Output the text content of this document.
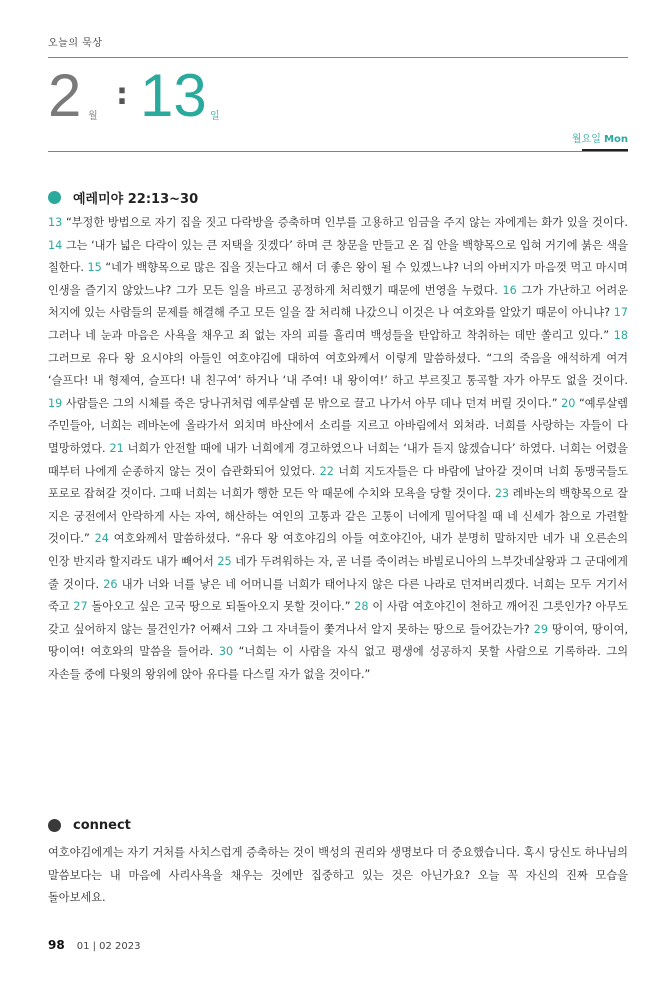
오늘의 묵상
2 월
: 13 일
월요일 Mon
예레미야 22:13~30

13 “부정한 방법으로 자기 집을 짓고 다락방을 증축하며 인부를 고용하고 임금을 주지 않는 자에게는 화가 있을 것이다. 14 그는 ‘내가 넓은 다락이 있는 큰 저택을 짓겠다’ 하며 큰 창문을 만들고 온 집 안을 백향목으로 입혀 거기에 붉은 색을 칠한다. 15 “네가 백향목으로 많은 집을 짓는다고 해서 더 좋은 왕이 될 수 있겠느냐? 너의 아버지가 마음껏 먹고 마시며 인생을 즐기지 않았느냐? 그가 모든 일을 바르고 공정하게 처리했기 때문에 번영을 누렸다. 16 그가 가난하고 어려운 처지에 있는 사람들의 문제를 해결해 주고 모든 일을 잘 처리해 나갔으니 이것은 나 여호와를 알았기 때문이 아니냐? 17 그러나 네 눈과 마음은 사욕을 채우고 죄 없는 자의 피를 흘리며 백성들을 탄압하고 착취하는 데만 쏠리고 있다.” 18 그러므로 유다 왕 요시야의 아들인 여호야김에 대하여 여호와께서 이렇게 말씀하셨다. “그의 죽음을 애석하게 여겨 ‘슬프다! 내 형제여, 슬프다! 내 친구여’ 하거나 ‘내 주여! 내 왕이여!’ 하고 부르짖고 통곡할 자가 아무도 없을 것이다. 19 사람들은 그의 시체를 죽은 당나귀처럼 예루살렘 문 밖으로 끌고 나가서 아무 데나 던져 버릴 것이다.” 20 “예루살렘 주민들아, 너희는 레바논에 올라가서 외치며 바산에서 소리를 지르고 아바림에서 외쳐라. 너희를 사랑하는 자들이 다 멸망하였다. 21 너희가 안전할 때에 내가 너희에게 경고하였으나 너희는 ‘내가 듣지 않겠습니다’ 하였다. 너희는 어렸을 때부터 나에게 순종하지 않는 것이 습관화되어 있었다. 22 너희 지도자들은 다 바람에 날아갈 것이며 너희 동맹국들도 포로로 잡혀갈 것이다. 그때 너희는 너희가 행한 모든 악 때문에 수치와 모욕을 당할 것이다. 23 레바논의 백향목으로 잘 지은 궁전에서 안락하게 사는 자여, 해산하는 여인의 고통과 같은 고통이 너에게 밀어닥칠 때 네 신세가 참으로 가련할 것이다.” 24 여호와께서 말씀하셨다. “유다 왕 여호야김의 아들 여호야긴아, 내가 분명히 말하지만 네가 내 오른손의 인장 반지라 할지라도 내가 빼어서 25 네가 두려워하는 자, 곧 너를 죽이려는 바빌로니아의 느부갓네살왕과 그 군대에게 줄 것이다. 26 내가 너와 너를 낳은 네 어머니를 너희가 태어나지 않은 다른 나라로 던져버리겠다. 너희는 모두 거기서 죽고 27 돌아오고 싶은 고국 땅으로 되돌아오지 못할 것이다.” 28 이 사람 여호야긴이 천하고 깨어진 그릇인가? 아무도 갖고 싶어하지 않는 물건인가? 어째서 그와 그 자녀들이 쫓겨나서 알지 못하는 땅으로 들어갔는가? 29 땅이여, 땅이여, 땅이여! 여호와의 말씀을 들어라. 30 “너희는 이 사람을 자식 없고 평생에 성공하지 못할 사람으로 기록하라. 그의 자손들 중에 다윗의 왕위에 앉아 유다를 다스릴 자가 없을 것이다.”

connect

여호야김에게는 자기 거처를 사치스럽게 증축하는 것이 백성의 권리와 생명보다 더 중요했습니다. 혹시 당신도 하나님의 말씀보다는 내 마음에 사리사욕을 채우는 것에만 집중하고 있는 것은 아닌가요? 오늘 꼭 자신의 진짜 모습을 돌아보세요.

98 01 | 02 2023
